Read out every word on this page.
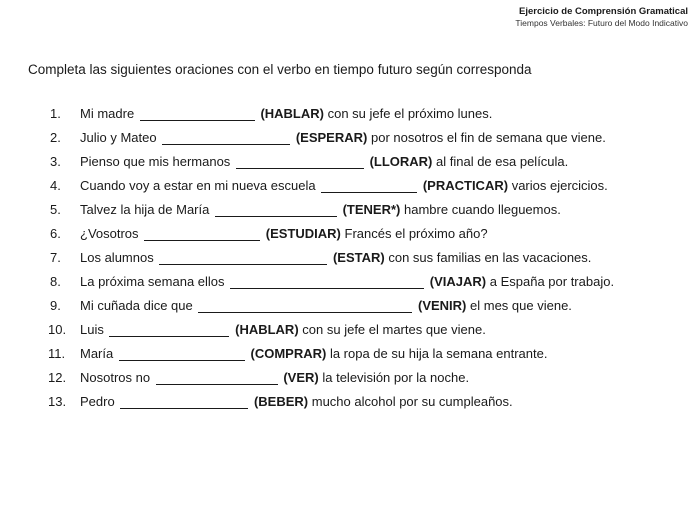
Ejercicio de Comprensión Gramatical
Tiempos Verbales: Futuro del Modo Indicativo
Completa las siguientes oraciones con el verbo en tiempo futuro según corresponda
1.	Mi madre	(HABLAR) con su jefe el próximo lunes.
2.	Julio y Mateo	(ESPERAR) por nosotros el fin de semana que viene.
3.	Pienso que mis hermanos	(LLORAR) al final de esa película.
4.	Cuando voy a estar en mi nueva escuela	(PRACTICAR) varios ejercicios.
5.	Talvez la hija de María	(TENER*) hambre cuando lleguemos.
6.	¿Vosotros	(ESTUDIAR) Francés el próximo año?
7.	Los alumnos	(ESTAR) con sus familias en las vacaciones.
8.	La próxima semana ellos	(VIAJAR) a España por trabajo.
9.	Mi cuñada dice que	(VENIR) el mes que viene.
10.	Luis	(HABLAR) con su jefe el martes que viene.
11.	María	(COMPRAR) la ropa de su hija la semana entrante.
12.	Nosotros no	(VER) la televisión por la noche.
13.	Pedro	(BEBER) mucho alcohol por su cumpleaños.
